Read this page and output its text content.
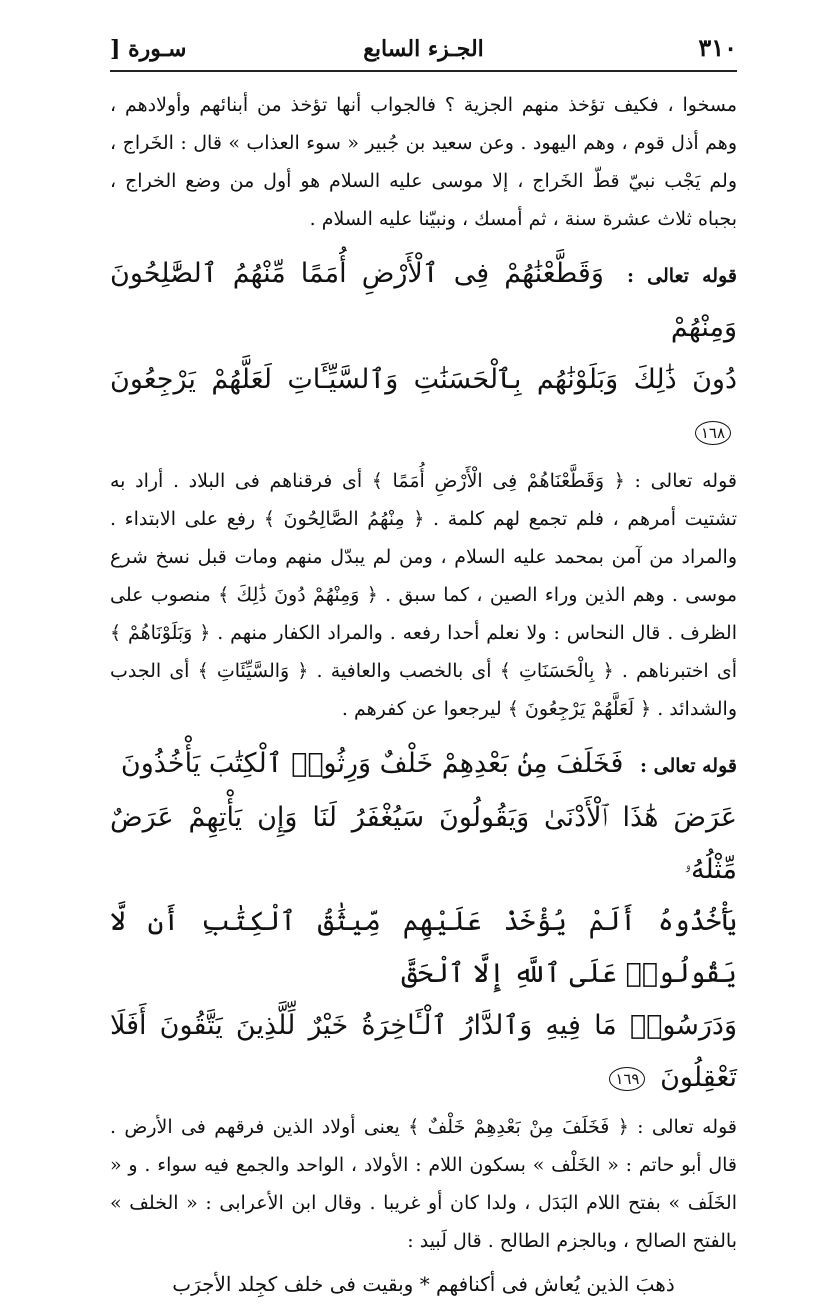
٣١٠
الجـزء السابع
سـورة [

مسخوا ، فكيف تؤخذ منهم الجزية ؟ فالجواب أنها تؤخذ من أبنائهم وأولادهم ، وهم أذل قوم ، وهم اليهود . وعن سعيد بن جُبير « سوء العذاب » قال : الخَراج ، ولم يَجْب نبيّ قطّ الخَراج ، إلا موسى عليه السلام هو أول من وضع الخراج ، بجباه ثلاث عشرة سنة ، ثم أمسك ، ونبيّنا عليه السلام .

قوله تعالى : وَقَطَّعْنَٰهُمْ فِى ٱلْأَرْضِ أُمَمًا مِّنْهُمُ ٱلصَّٰلِحُونَ وَمِنْهُمْ

دُونَ ذَٰلِكَ وَبَلَوْنَٰهُم بِٱلْحَسَنَٰتِ وَٱلسَّيِّـَٔاتِ لَعَلَّهُمْ يَرْجِعُونَ ١٦٨

قوله تعالى : ﴿ وَقَطَّعْنَاهُمْ فِى الْأَرْضِ أُمَمًا ﴾ أى فرقناهم فى البلاد . أراد به تشتيت أمرهم ، فلم تجمع لهم كلمة . ﴿ مِنْهُمُ الصَّالِحُونَ ﴾ رفع على الابتداء . والمراد من آمن بمحمد عليه السلام ، ومن لم يبدّل منهم ومات قبل نسخ شرع موسى . وهم الذين وراء الصين ، كما سبق . ﴿ وَمِنْهُمْ دُونَ ذَٰلِكَ ﴾ منصوب على الظرف . قال النحاس : ولا نعلم أحدا رفعه . والمراد الكفار منهم . ﴿ وَبَلَوْنَاهُمْ ﴾ أى اختبرناهم . ﴿ بِالْحَسَنَاتِ ﴾ أى بالخصب والعافية . ﴿ وَالسَّيِّئَاتِ ﴾ أى الجدب والشدائد . ﴿ لَعَلَّهُمْ يَرْجِعُونَ ﴾ ليرجعوا عن كفرهم .

قوله تعالى : فَخَلَفَ مِنۢ بَعْدِهِمْ خَلْفٌ وَرِثُوا۟ ٱلْكِتَٰبَ يَأْخُذُونَ

عَرَضَ هَٰذَا ٱلْأَدْنَىٰ وَيَقُولُونَ سَيُغْفَرُ لَنَا وَإِن يَأْتِهِمْ عَرَضٌ مِّثْلُهُۥ

يَأْخُذُوهُ أَلَمْ يُؤْخَذْ عَلَيْهِم مِّيثَٰقُ ٱلْكِتَٰبِ أَن لَّا يَقُولُوا۟ عَلَى ٱللَّهِ إِلَّا ٱلْحَقَّ

وَدَرَسُوا۟ مَا فِيهِ وَٱلدَّارُ ٱلْـَٔاخِرَةُ خَيْرٌ لِّلَّذِينَ يَتَّقُونَ أَفَلَا تَعْقِلُونَ ١٦٩

قوله تعالى : ﴿ فَخَلَفَ مِنْ بَعْدِهِمْ خَلْفٌ ﴾ يعنى أولاد الذين فرقهم فى الأرض . قال أبو حاتم : « الخَلْف » بسكون اللام : الأولاد ، الواحد والجمع فيه سواء . و « الخَلَف » بفتح اللام البَدَل ، ولدا كان أو غريبا . وقال ابن الأعرابى : « الخلف » بالفتح الصالح ، وبالجزم الطالح . قال لَبيد :

ذهبَ الذين يُعاش فى أكنافهم * وبقيت فى خلف كجِلد الأجرَب
